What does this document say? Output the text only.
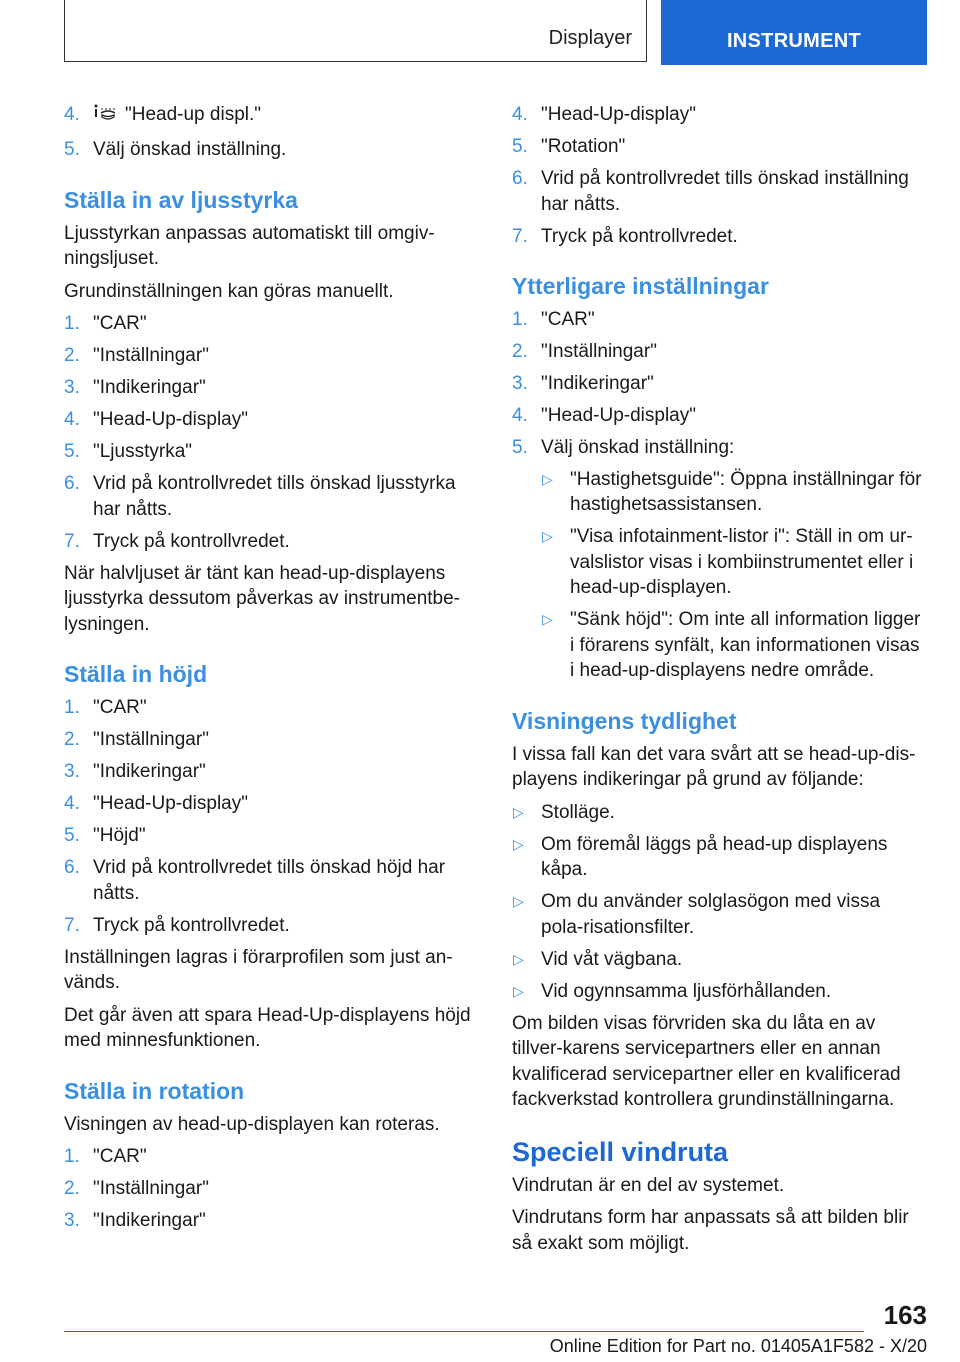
Displayer	INSTRUMENT
4.	"Head-up displ."
5. Välj önskad inställning.
Ställa in av ljusstyrka

Ljusstyrkan anpassas automatiskt till omgiv-ningsljuset.

Grundinställningen kan göras manuellt.

1. "CAR"
2. "Inställningar"
3. "Indikeringar"
4. "Head-Up-display"
5. "Ljusstyrka"
6. Vrid på kontrollvredet tills önskad ljusstyrka har nåtts.
7. Tryck på kontrollvredet.

När halvljuset är tänt kan head-up-displayens ljusstyrka dessutom påverkas av instrumentbe-lysningen.

Ställa in höjd
1. "CAR"
2. "Inställningar"
3. "Indikeringar"
4. "Head-Up-display"
5. "Höjd"
6. Vrid på kontrollvredet tills önskad höjd har nåtts.
7. Tryck på kontrollvredet.

Inställningen lagras i förarprofilen som just an-vänds.

Det går även att spara Head-Up-displayens höjd med minnesfunktionen.

Ställa in rotation

Visningen av head-up-displayen kan roteras.

1. "CAR"
2. "Inställningar"
3. "Indikeringar"
4. "Head-Up-display"
5. "Rotation"
6. Vrid på kontrollvredet tills önskad inställning har nåtts.
7. Tryck på kontrollvredet.
Ytterligare inställningar
1. "CAR"
2. "Inställningar"
3. "Indikeringar"
4. "Head-Up-display"
5. Välj önskad inställning:
▷ "Hastighetsguide": Öppna inställningar för hastighetsassistansen.
▷ "Visa infotainment-listor i": Ställ in om ur-valslistor visas i kombiinstrumentet eller i head-up-displayen.
▷ "Sänk höjd": Om inte all information ligger i förarens synfält, kan informationen visas i head-up-displayens nedre område.
Visningens tydlighet

I vissa fall kan det vara svårt att se head-up-dis-playens indikeringar på grund av följande:

▷ Stolläge.
▷ Om föremål läggs på head-up displayens kåpa.
▷ Om du använder solglasögon med vissa pola-risationsfilter.
▷ Vid våt vägbana.
▷ Vid ogynnsamma ljusförhållanden.

Om bilden visas förvriden ska du låta en av tillver-karens servicepartners eller en annan kvalificerad servicepartner eller en kvalificerad fackverkstad kontrollera grundinställningarna.

Speciell vindruta

Vindrutan är en del av systemet.

Vindrutans form har anpassats så att bilden blir så exakt som möjligt.

163
Online Edition for Part no. 01405A1F582 - X/20
